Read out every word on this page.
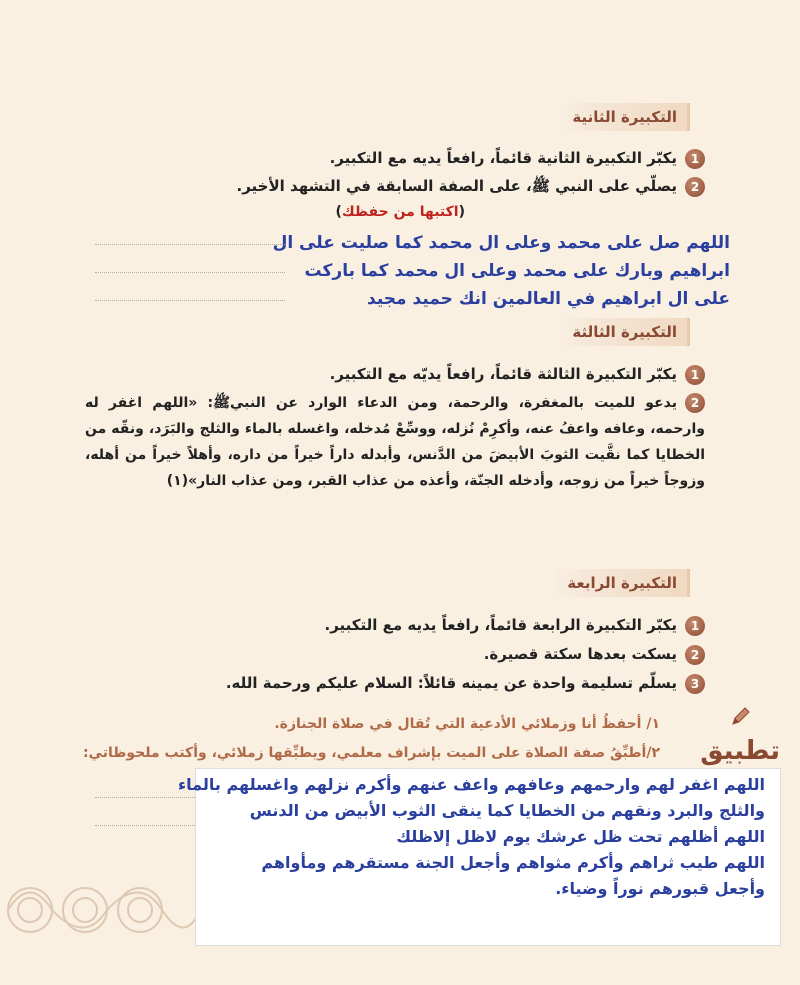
التكبيرة الثانية
1يكبّر التكبيرة الثانية قائماً، رافعاً يديه مع التكبير.
2يصلّي على النبي ﷺ، على الصفة السابقة في التشهد الأخير.
(اكتبها من حفظك)
اللهم صل على محمد وعلى ال محمد كما صليت على ال
ابراهيم وبارك على محمد وعلى ال محمد كما باركت
على ال ابراهيم في العالمين انك حميد مجيد
التكبيرة الثالثة
1يكبّر التكبيرة الثالثة قائماً، رافعاً يديّه مع التكبير.
2يدعو للميت بالمغفرة، والرحمة، ومن الدعاء الوارد عن النبيﷺ: «اللهم اغفر له وارحمه، وعافه واعفُ عنه، وأكرِمْ نُزله، ووسِّعْ مُدخله، واغسله بالماء والثلج والبَرَد، ونقّه من الخطايا كما نقَّيت الثوبَ الأبيضَ من الدَّنس، وأبدله داراً خيراً من داره، وأهلاً خيراً من أهله، وزوجاً خيراً من زوجه، وأدخله الجنّة، وأعذه من عذاب القبر، ومن عذاب النار»(١)
التكبيرة الرابعة
1يكبّر التكبيرة الرابعة قائماً، رافعاً يديه مع التكبير.
2يسكت بعدها سكتة قصيرة.
3يسلّم تسليمة واحدة عن يمينه قائلاً: السلام عليكم ورحمة الله.
تطبيق
١/ أحفظُ أنا وزملائي الأدعية التي تُقال في صلاة الجنازة.
٢/أطبِّقُ صفة الصلاة على الميت بإشراف معلمي، ويطبِّقها زملائي، وأكتب ملحوظاتي:
اللهم اغفر لهم وارحمهم وعافهم واعف عنهم وأكرم نزلهم واغسلهم بالماء
والثلج والبرد ونقهم من الخطايا كما ينقى الثوب الأبيض من الدنس
اللهم أظلهم تحت ظل عرشك يوم لاظل إلاظلك
اللهم طيب ثراهم وأكرم مثواهم وأجعل الجنة مستقرهم ومأواهم
وأجعل قبورهم نوراً وضياء.
